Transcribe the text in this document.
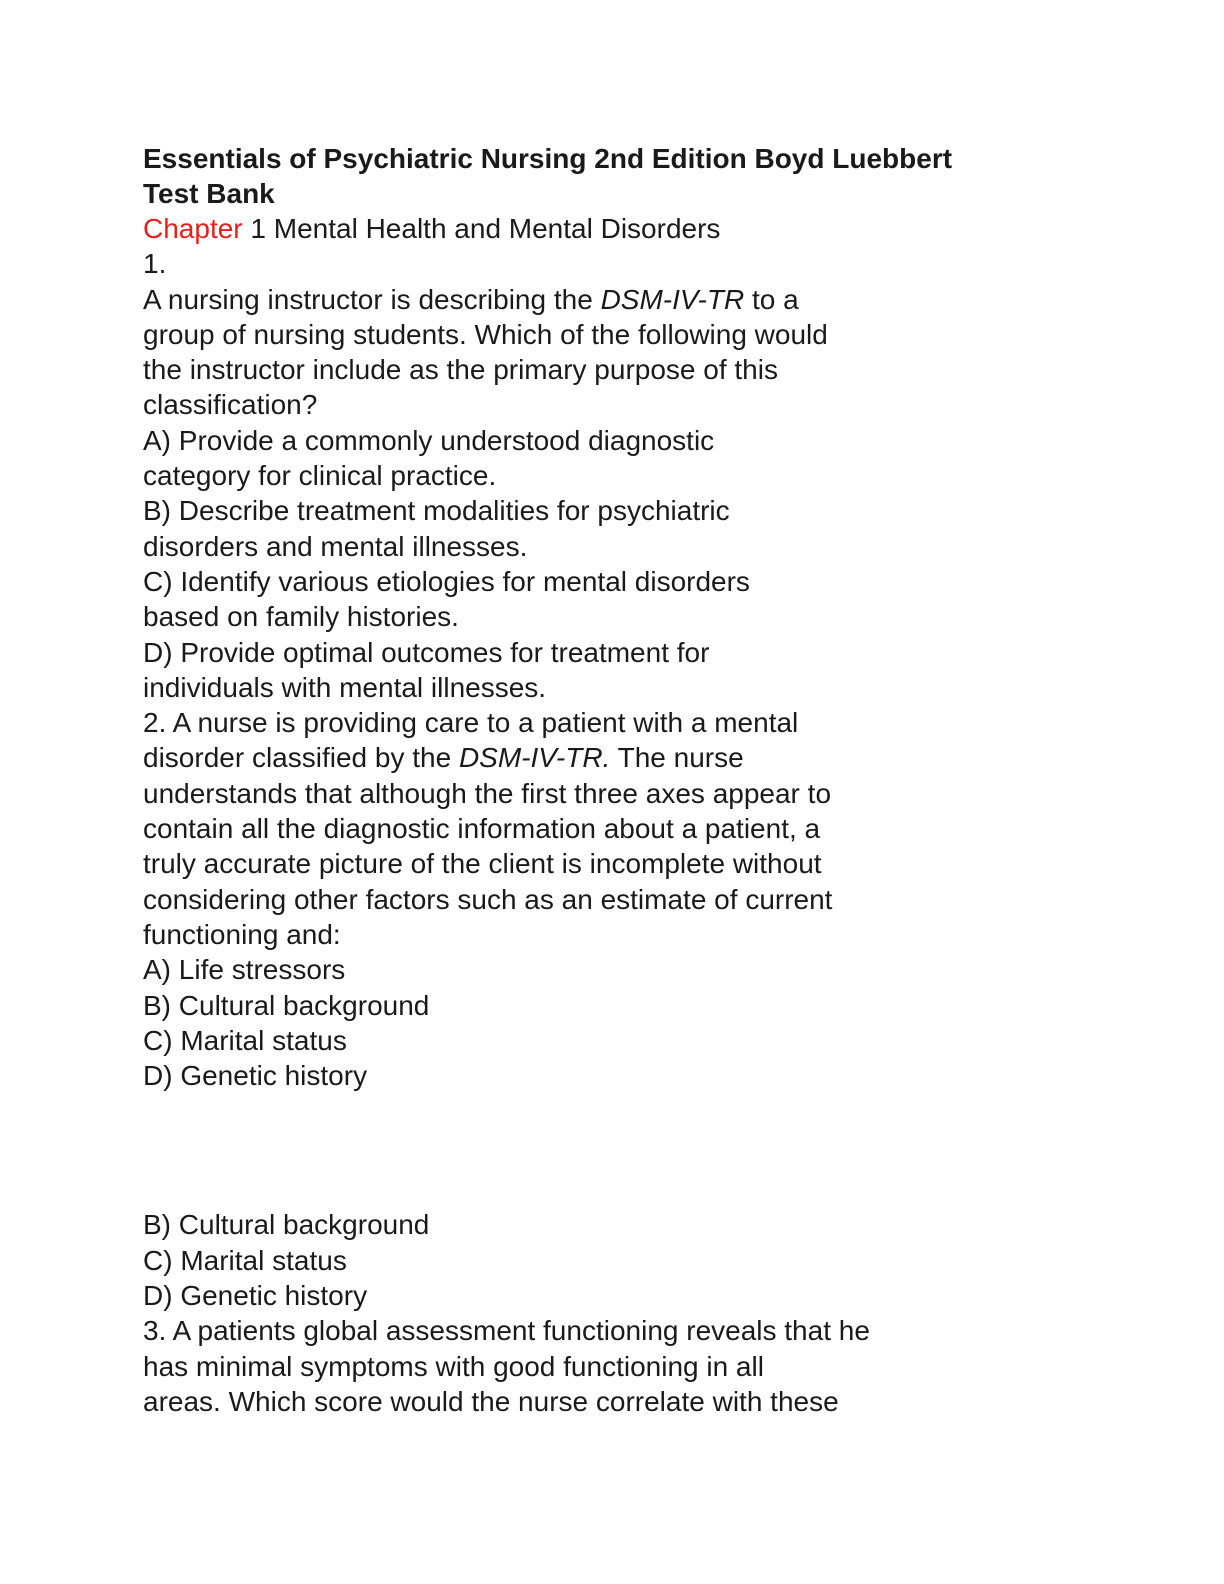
Essentials of Psychiatric Nursing 2nd Edition Boyd Luebbert

Test Bank

Chapter 1 Mental Health and Mental Disorders

1.

A nursing instructor is describing the DSM-IV-TR to a

group of nursing students. Which of the following would

the instructor include as the primary purpose of this

classification?

A) Provide a commonly understood diagnostic

category for clinical practice.

B) Describe treatment modalities for psychiatric

disorders and mental illnesses.

C) Identify various etiologies for mental disorders

based on family histories.

D) Provide optimal outcomes for treatment for

individuals with mental illnesses.

2. A nurse is providing care to a patient with a mental

disorder classified by the DSM-IV-TR. The nurse

understands that although the first three axes appear to

contain all the diagnostic information about a patient, a

truly accurate picture of the client is incomplete without

considering other factors such as an estimate of current

functioning and:

A) Life stressors

B) Cultural background

C) Marital status

D) Genetic history

B) Cultural background

C) Marital status

D) Genetic history

3. A patients global assessment functioning reveals that he

has minimal symptoms with good functioning in all

areas. Which score would the nurse correlate with these
